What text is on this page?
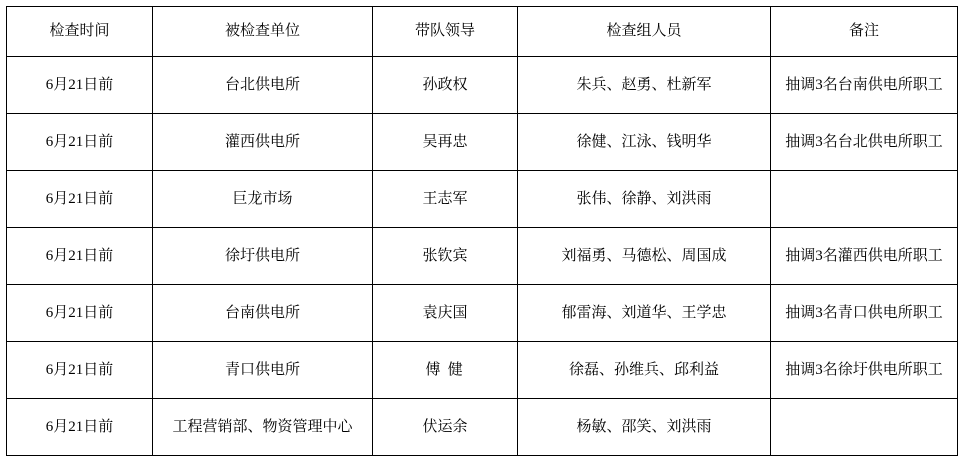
检查时间	被检查单位	带队领导	检查组人员	备注
6月21日前	台北供电所	孙政权	朱兵、赵勇、杜新军	抽调3名台南供电所职工
6月21日前	灌西供电所	吴再忠	徐健、江泳、钱明华	抽调3名台北供电所职工
6月21日前	巨龙市场	王志军	张伟、徐静、刘洪雨	
6月21日前	徐圩供电所	张钦宾	刘福勇、马德松、周国成	抽调3名灌西供电所职工
6月21日前	台南供电所	袁庆国	郁雷海、刘道华、王学忠	抽调3名青口供电所职工
6月21日前	青口供电所	傅 健	徐磊、孙维兵、邱利益	抽调3名徐圩供电所职工
6月21日前	工程营销部、物资管理中心	伏运余	杨敏、邵笑、刘洪雨	
